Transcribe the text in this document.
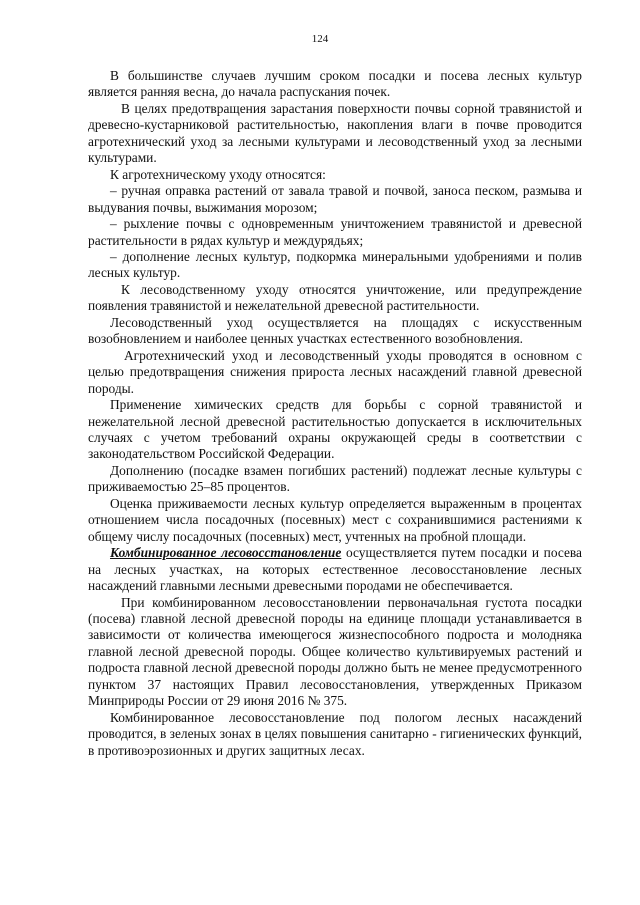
124

В большинстве случаев лучшим сроком посадки и посева лесных культур является ранняя весна, до начала распускания почек.

В целях предотвращения зарастания поверхности почвы сорной травянистой и древесно-кустарниковой растительностью, накопления влаги в почве проводится агротехнический уход за лесными культурами и лесоводственный уход за лесными культурами.

К агротехническому уходу относятся:

– ручная оправка растений от завала травой и почвой, заноса песком, размыва и выдувания почвы, выжимания морозом;

– рыхление почвы с одновременным уничтожением травянистой и древесной растительности в рядах культур и междурядьях;

– дополнение лесных культур, подкормка минеральными удобрениями и полив лесных культур.

К лесоводственному уходу относятся уничтожение, или предупреждение появления травянистой и нежелательной древесной растительности.

Лесоводственный уход осуществляется на площадях с искусственным возобновлением и наиболее ценных участках естественного возобновления.

Агротехнический уход и лесоводственный уходы проводятся в основном с целью предотвращения снижения прироста лесных насаждений главной древесной породы.

Применение химических средств для борьбы с сорной травянистой и нежелательной лесной древесной растительностью допускается в исключительных случаях с учетом требований охраны окружающей среды в соответствии с законодательством Российской Федерации.

Дополнению (посадке взамен погибших растений) подлежат лесные культуры с приживаемостью 25–85 процентов.

Оценка приживаемости лесных культур определяется выраженным в процентах отношением числа посадочных (посевных) мест с сохранившимися растениями к общему числу посадочных (посевных) мест, учтенных на пробной площади.

Комбинированное лесовосстановление осуществляется путем посадки и посева на лесных участках, на которых естественное лесовосстановление лесных насаждений главными лесными древесными породами не обеспечивается.

При комбинированном лесовосстановлении первоначальная густота посадки (посева) главной лесной древесной породы на единице площади устанавливается в зависимости от количества имеющегося жизнеспособного подроста и молодняка главной лесной древесной породы. Общее количество культивируемых растений и подроста главной лесной древесной породы должно быть не менее предусмотренного пунктом 37 настоящих Правил лесовосстановления, утвержденных Приказом Минприроды России от 29 июня 2016 № 375.

Комбинированное лесовосстановление под пологом лесных насаждений проводится, в зеленых зонах в целях повышения санитарно - гигиенических функций, в противоэрозионных и других защитных лесах.
